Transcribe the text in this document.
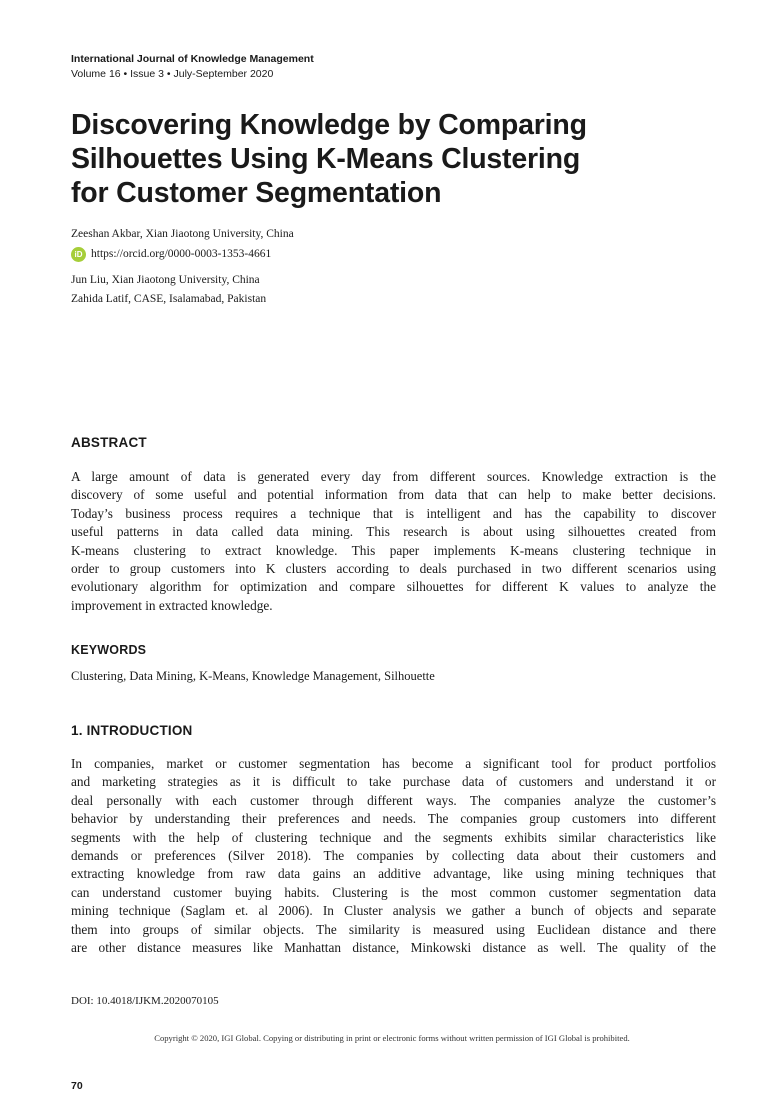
International Journal of Knowledge Management
Volume 16 • Issue 3 • July-September 2020
Discovering Knowledge by Comparing
Silhouettes Using K-Means Clustering
for Customer Segmentation
Zeeshan Akbar, Xian Jiaotong University, China
iD https://orcid.org/0000-0003-1353-4661
Jun Liu, Xian Jiaotong University, China
Zahida Latif, CASE, Isalamabad, Pakistan
ABSTRACT

A large amount of data is generated every day from different sources. Knowledge extraction is the
discovery of some useful and potential information from data that can help to make better decisions.
Today’s business process requires a technique that is intelligent and has the capability to discover
useful patterns in data called data mining. This research is about using silhouettes created from
K-means clustering to extract knowledge. This paper implements K-means clustering technique in
order to group customers into K clusters according to deals purchased in two different scenarios using
evolutionary algorithm for optimization and compare silhouettes for different K values to analyze the
improvement in extracted knowledge.

KEYWORDS

Clustering, Data Mining, K-Means, Knowledge Management, Silhouette

1. INTRODUCTION

In companies, market or customer segmentation has become a significant tool for product portfolios
and marketing strategies as it is difficult to take purchase data of customers and understand it or
deal personally with each customer through different ways. The companies analyze the customer’s
behavior by understanding their preferences and needs. The companies group customers into different
segments with the help of clustering technique and the segments exhibits similar characteristics like
demands or preferences (Silver 2018). The companies by collecting data about their customers and
extracting knowledge from raw data gains an additive advantage, like using mining techniques that
can understand customer buying habits. Clustering is the most common customer segmentation data
mining technique (Saglam et. al 2006). In Cluster analysis we gather a bunch of objects and separate
them into groups of similar objects. The similarity is measured using Euclidean distance and there
are other distance measures like Manhattan distance, Minkowski distance as well. The quality of the

DOI: 10.4018/IJKM.2020070105
Copyright © 2020, IGI Global. Copying or distributing in print or electronic forms without written permission of IGI Global is prohibited.
70
